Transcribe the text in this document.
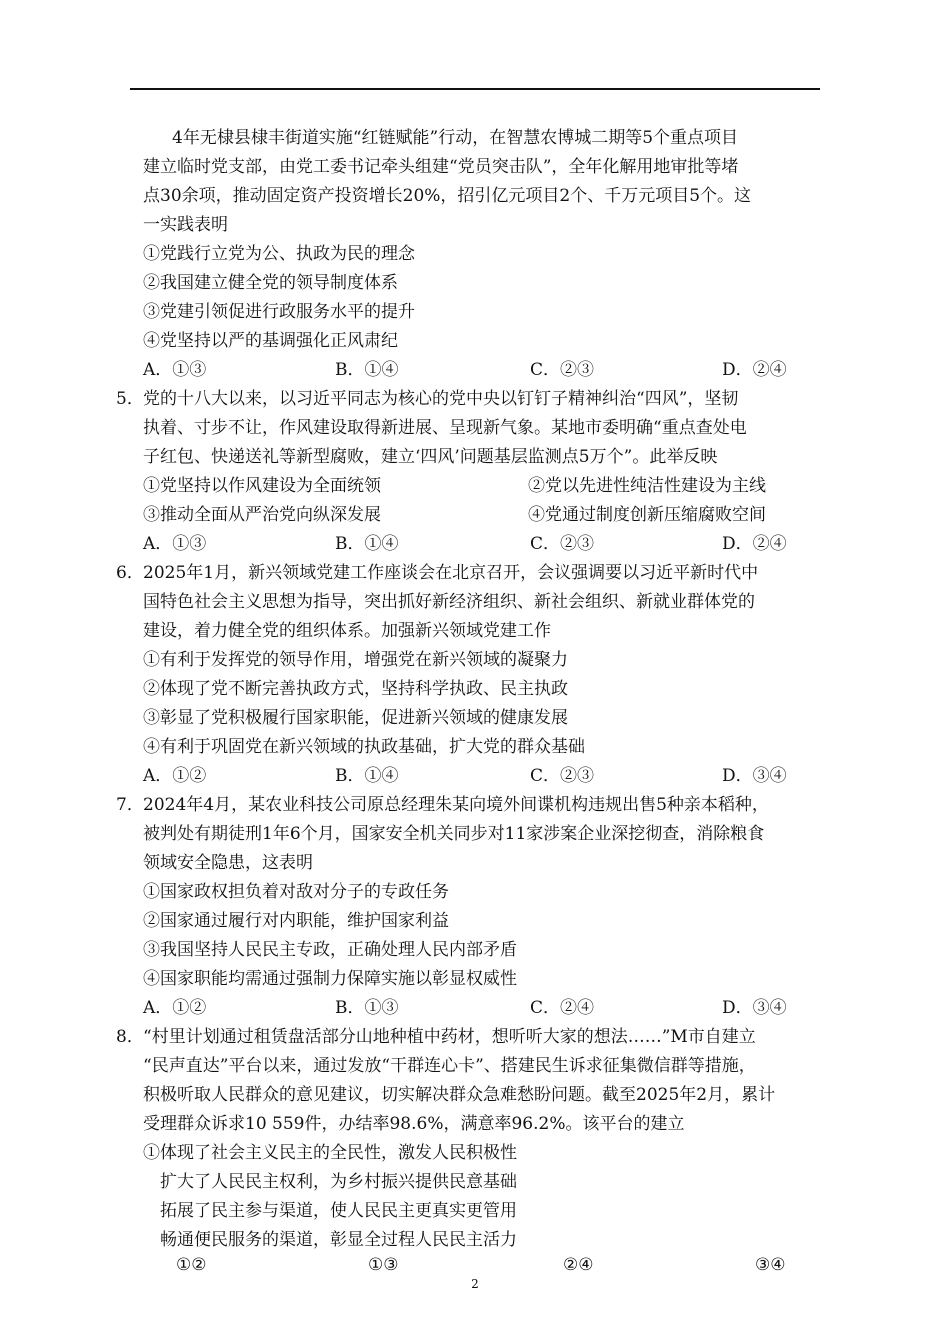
4年无棣县棣丰街道实施“红链赋能”行动，在智慧农博城二期等5个重点项目
建立临时党支部，由党工委书记牵头组建“党员突击队”，全年化解用地审批等堵
点30余项，推动固定资产投资增长20%，招引亿元项目2个、千万元项目5个。这
一实践表明
①党践行立党为公、执政为民的理念
②我国建立健全党的领导制度体系
③党建引领促进行政服务水平的提升
④党坚持以严的基调强化正风肃纪
A．①③	B．①④	C．②③	D．②④
5． 党的十八大以来，以习近平同志为核心的党中央以钉钉子精神纠治“四风”，坚韧
执着、寸步不让，作风建设取得新进展、呈现新气象。某地市委明确“重点查处电
子红包、快递送礼等新型腐败，建立‘四风’问题基层监测点5万个”。此举反映
①党坚持以作风建设为全面统领	②党以先进性纯洁性建设为主线
③推动全面从严治党向纵深发展	④党通过制度创新压缩腐败空间
A．①③	B．①④	C．②③	D．②④
6． 2025年1月，新兴领域党建工作座谈会在北京召开，会议强调要以习近平新时代中
国特色社会主义思想为指导，突出抓好新经济组织、新社会组织、新就业群体党的
建设，着力健全党的组织体系。加强新兴领域党建工作
①有利于发挥党的领导作用，增强党在新兴领域的凝聚力
②体现了党不断完善执政方式，坚持科学执政、民主执政
③彰显了党积极履行国家职能，促进新兴领域的健康发展
④有利于巩固党在新兴领域的执政基础，扩大党的群众基础
A．①②	B．①④	C．②③	D．③④
7． 2024年4月，某农业科技公司原总经理朱某向境外间谍机构违规出售5种亲本稻种，
被判处有期徒刑1年6个月，国家安全机关同步对11家涉案企业深挖彻查，消除粮食
领域安全隐患，这表明
①国家政权担负着对敌对分子的专政任务
②国家通过履行对内职能，维护国家利益
③我国坚持人民民主专政，正确处理人民内部矛盾
④国家职能均需通过强制力保障实施以彰显权威性
A．①②	B．①③	C．②④	D．③④
8． “村里计划通过租赁盘活部分山地种植中药材，想听听大家的想法……”M市自建立
“民声直达”平台以来，通过发放“干群连心卡”、搭建民生诉求征集微信群等措施，
积极听取人民群众的意见建议，切实解决群众急难愁盼问题。截至2025年2月，累计
受理群众诉求10 559件，办结率98.6%，满意率96.2%。该平台的建立
①体现了社会主义民主的全民性，激发人民积极性
扩大了人民民主权利，为乡村振兴提供民意基础
拓展了民主参与渠道，使人民民主更真实更管用
畅通便民服务的渠道，彰显全过程人民民主活力
①②	①③	②④	③④
2
